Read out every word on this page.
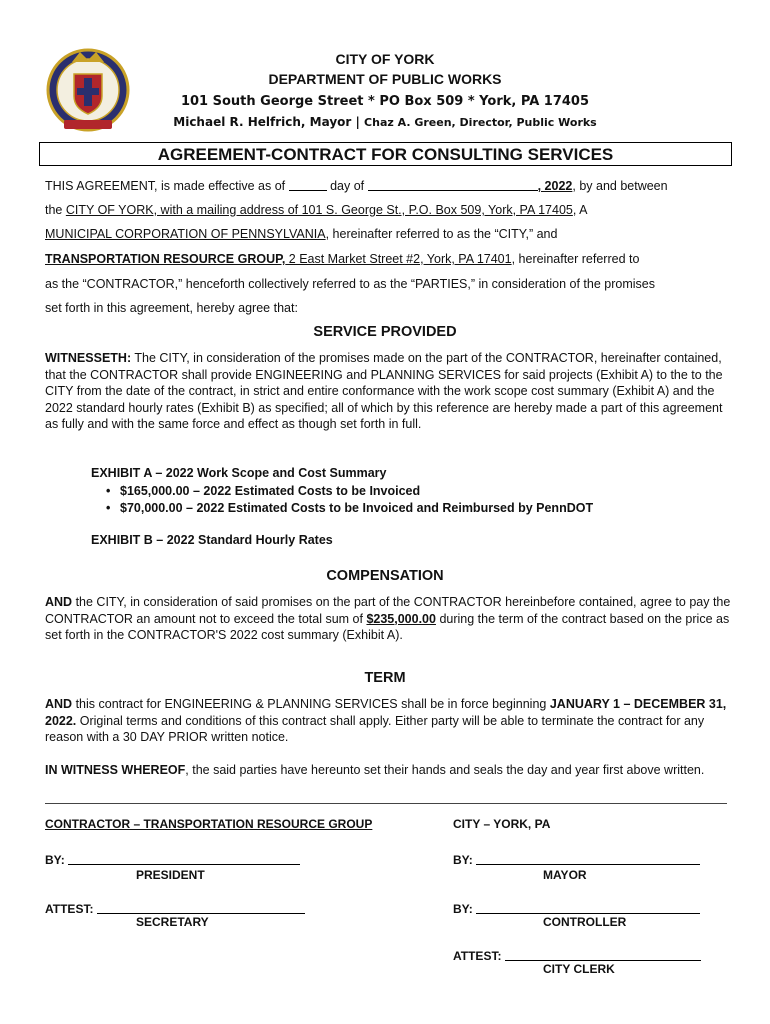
CITY OF YORK
DEPARTMENT OF PUBLIC WORKS
101 South George Street * PO Box 509 * York, PA 17405
Michael R. Helfrich, Mayor | Chaz A. Green, Director, Public Works
AGREEMENT-CONTRACT FOR CONSULTING SERVICES
THIS AGREEMENT, is made effective as of	day of	, 2022, by and between
the CITY OF YORK, with a mailing address of 101 S. George St., P.O. Box 509, York, PA 17405, A
MUNICIPAL CORPORATION OF PENNSYLVANIA, hereinafter referred to as the “CITY,” and
TRANSPORTATION RESOURCE GROUP, 2 East Market Street #2, York, PA 17401, hereinafter referred to
as the “CONTRACTOR,” henceforth collectively referred to as the “PARTIES,” in consideration of the promises
set forth in this agreement, hereby agree that:
SERVICE PROVIDED
WITNESSETH: The CITY, in consideration of the promises made on the part of the CONTRACTOR, hereinafter contained, that the CONTRACTOR shall provide ENGINEERING and PLANNING SERVICES for said projects (Exhibit A) to the to the CITY from the date of the contract, in strict and entire conformance with the work scope cost summary (Exhibit A) and the 2022 standard hourly rates (Exhibit B) as specified; all of which by this reference are hereby made a part of this agreement as fully and with the same force and effect as though set forth in full.
EXHIBIT A – 2022 Work Scope and Cost Summary
• $165,000.00 – 2022 Estimated Costs to be Invoiced
• $70,000.00 – 2022 Estimated Costs to be Invoiced and Reimbursed by PennDOT
EXHIBIT B – 2022 Standard Hourly Rates
COMPENSATION
AND the CITY, in consideration of said promises on the part of the CONTRACTOR hereinbefore contained, agree to pay the CONTRACTOR an amount not to exceed the total sum of $235,000.00 during the term of the contract based on the price as set forth in the CONTRACTOR'S 2022 cost summary (Exhibit A).
TERM
AND this contract for ENGINEERING & PLANNING SERVICES shall be in force beginning JANUARY 1 – DECEMBER 31, 2022. Original terms and conditions of this contract shall apply. Either party will be able to terminate the contract for any reason with a 30 DAY PRIOR written notice.
IN WITNESS WHEREOF, the said parties have hereunto set their hands and seals the day and year first above written.
CONTRACTOR – TRANSPORTATION RESOURCE GROUP	CITY – YORK, PA
BY:
PRESIDENT
BY:
MAYOR
ATTEST:
SECRETARY
BY:
CONTROLLER
ATTEST:
CITY CLERK
